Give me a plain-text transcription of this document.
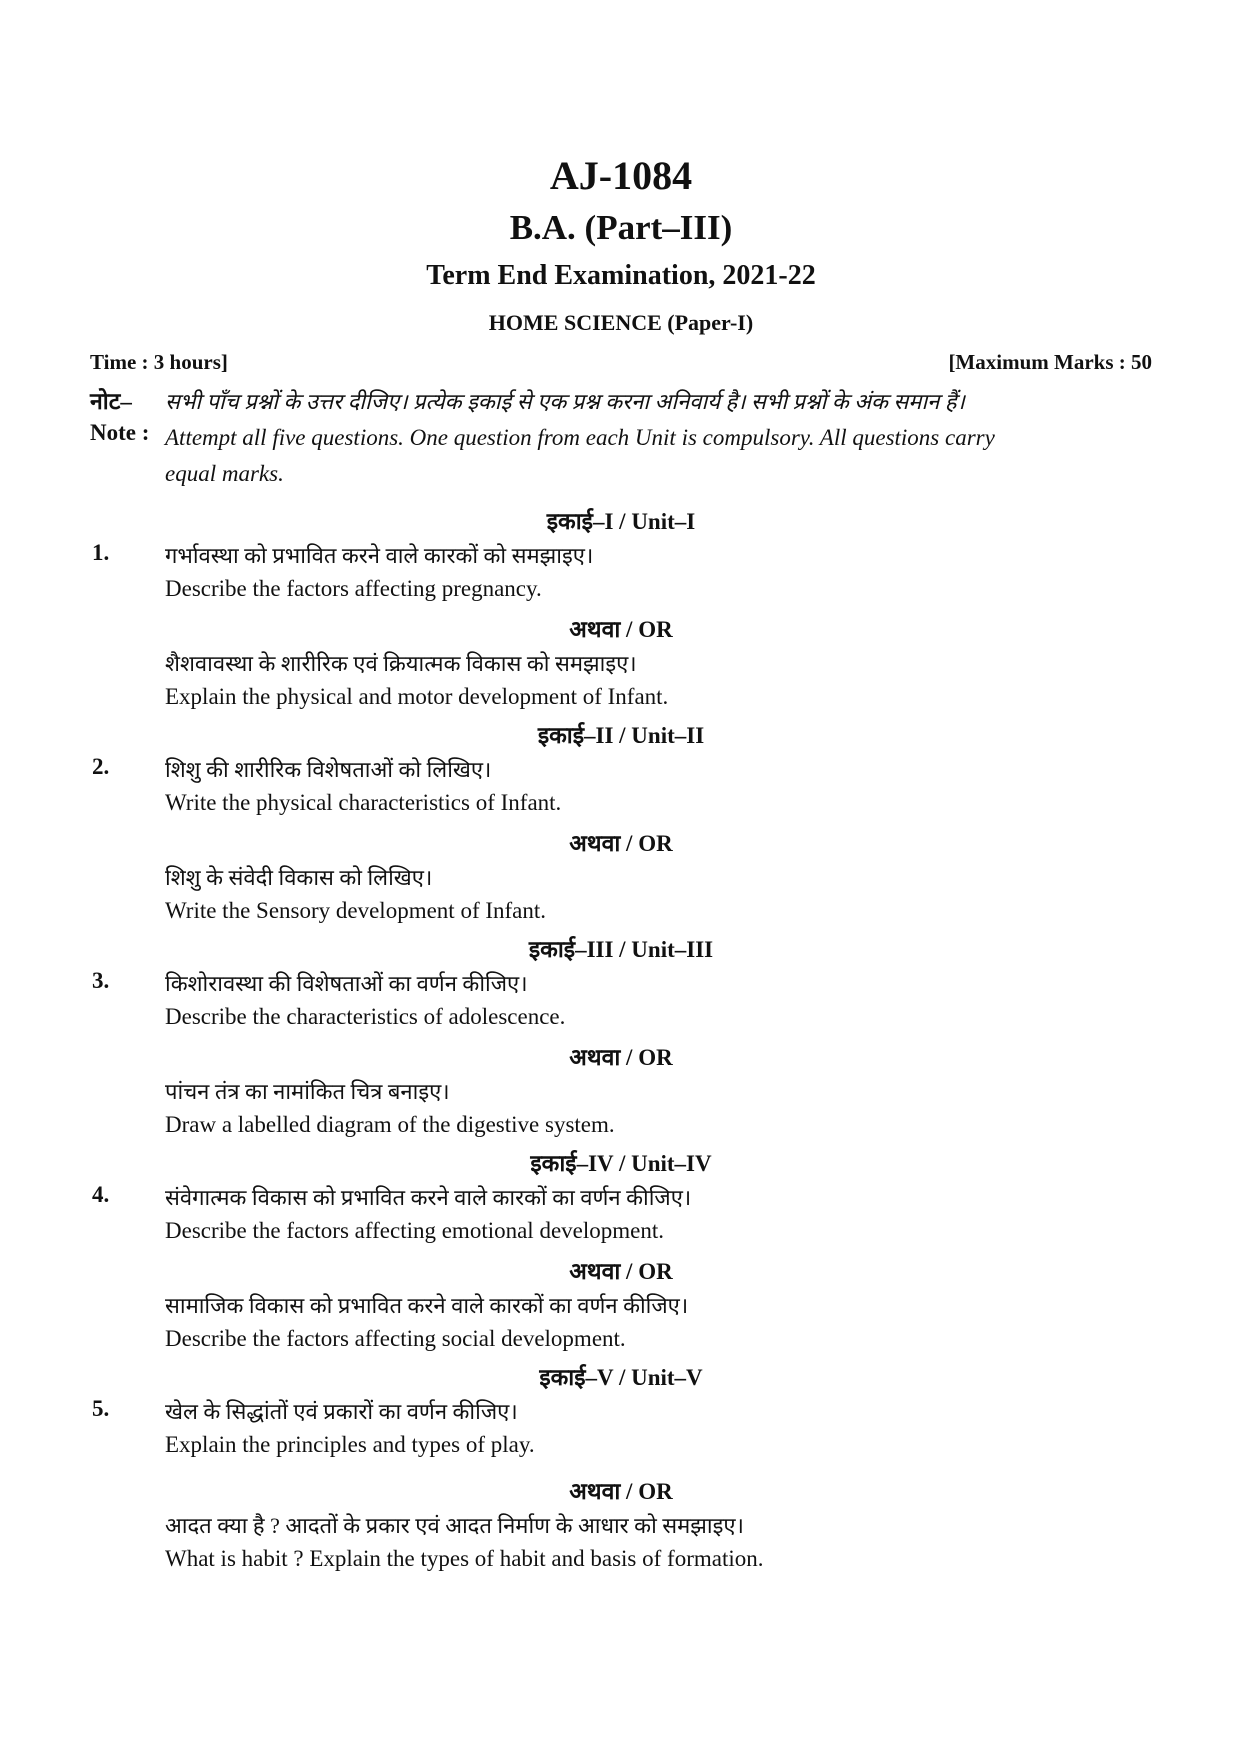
AJ-1084
B.A. (Part–III)
Term End Examination, 2021-22
HOME SCIENCE (Paper-I)
Time : 3 hours]	[Maximum Marks : 50
नोट– सभी पाँच प्रश्नों के उत्तर दीजिए। प्रत्येक इकाई से एक प्रश्न करना अनिवार्य है। सभी प्रश्नों के अंक समान हैं।
Note : Attempt all five questions. One question from each Unit is compulsory. All questions carry
equal marks.
इकाई–I / Unit–I
1.	गर्भावस्था को प्रभावित करने वाले कारकों को समझाइए।
Describe the factors affecting pregnancy.
अथवा / OR
शैशवावस्था के शारीरिक एवं क्रियात्मक विकास को समझाइए।
Explain the physical and motor development of Infant.
इकाई–II / Unit–II
2.	शिशु की शारीरिक विशेषताओं को लिखिए।
Write the physical characteristics of Infant.
अथवा / OR
शिशु के संवेदी विकास को लिखिए।
Write the Sensory development of Infant.
इकाई–III / Unit–III
3.	किशोरावस्था की विशेषताओं का वर्णन कीजिए।
Describe the characteristics of adolescence.
अथवा / OR
पांचन तंत्र का नामांकित चित्र बनाइए।
Draw a labelled diagram of the digestive system.
इकाई–IV / Unit–IV
4.	संवेगात्मक विकास को प्रभावित करने वाले कारकों का वर्णन कीजिए।
Describe the factors affecting emotional development.
अथवा / OR
सामाजिक विकास को प्रभावित करने वाले कारकों का वर्णन कीजिए।
Describe the factors affecting social development.
इकाई–V / Unit–V
5.	खेल के सिद्धांतों एवं प्रकारों का वर्णन कीजिए।
Explain the principles and types of play.
अथवा / OR
आदत क्या है ? आदतों के प्रकार एवं आदत निर्माण के आधार को समझाइए।
What is habit ? Explain the types of habit and basis of formation.
